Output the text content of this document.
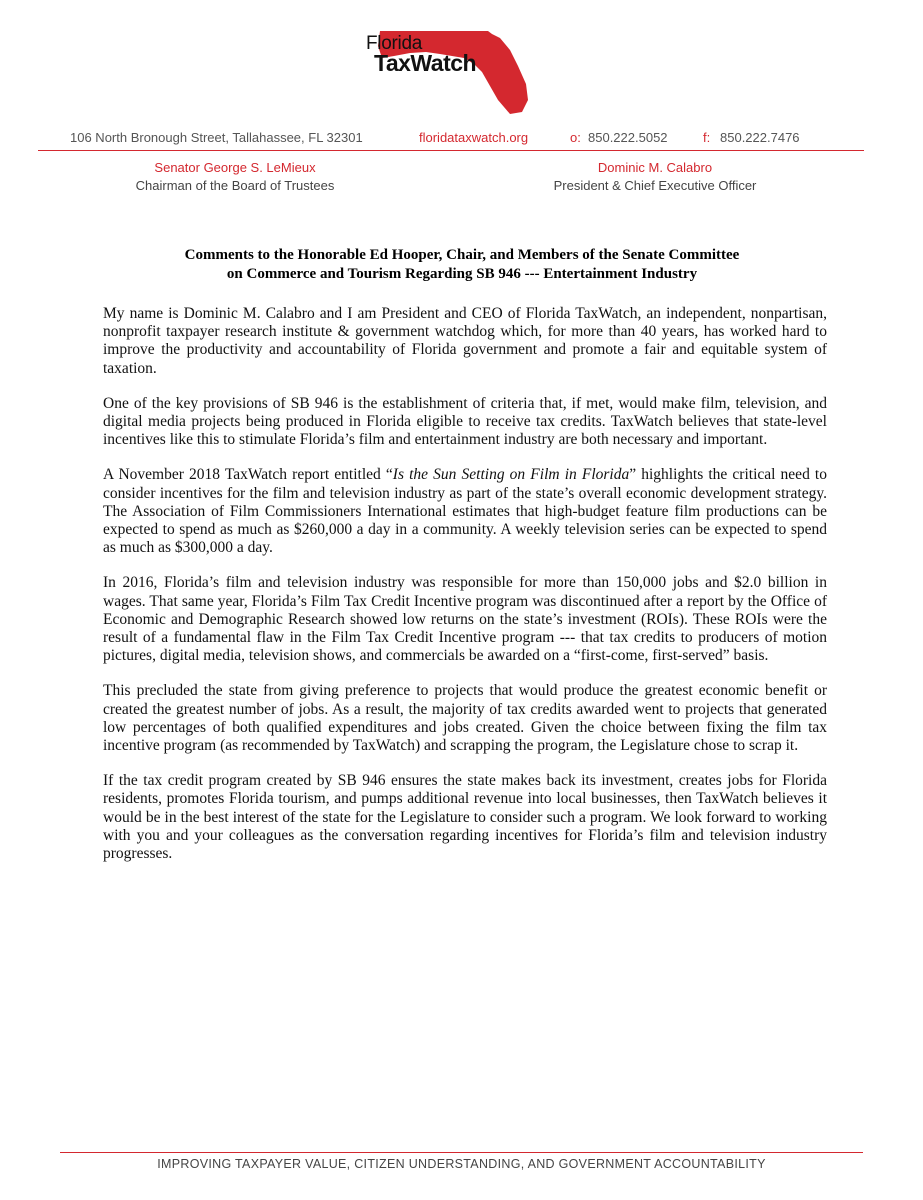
Florida
TaxWatch
106 North Bronough Street, Tallahassee, FL 32301	floridataxwatch.org	o: 850.222.5052	f: 850.222.7476
Senator George S. LeMieux
Chairman of the Board of Trustees
Dominic M. Calabro
President & Chief Executive Officer
Comments to the Honorable Ed Hooper, Chair, and Members of the Senate Committee
on Commerce and Tourism Regarding SB 946 --- Entertainment Industry

My name is Dominic M. Calabro and I am President and CEO of Florida TaxWatch, an independent, nonpartisan, nonprofit taxpayer research institute & government watchdog which, for more than 40 years, has worked hard to improve the productivity and accountability of Florida government and promote a fair and equitable system of taxation.

One of the key provisions of SB 946 is the establishment of criteria that, if met, would make film, television, and digital media projects being produced in Florida eligible to receive tax credits. TaxWatch believes that state-level incentives like this to stimulate Florida’s film and entertainment industry are both necessary and important.

A November 2018 TaxWatch report entitled “Is the Sun Setting on Film in Florida” highlights the critical need to consider incentives for the film and television industry as part of the state’s overall economic development strategy. The Association of Film Commissioners International estimates that high-budget feature film productions can be expected to spend as much as $260,000 a day in a community. A weekly television series can be expected to spend as much as $300,000 a day.

In 2016, Florida’s film and television industry was responsible for more than 150,000 jobs and $2.0 billion in wages. That same year, Florida’s Film Tax Credit Incentive program was discontinued after a report by the Office of Economic and Demographic Research showed low returns on the state’s investment (ROIs). These ROIs were the result of a fundamental flaw in the Film Tax Credit Incentive program --- that tax credits to producers of motion pictures, digital media, television shows, and commercials be awarded on a “first-come, first-served” basis.

This precluded the state from giving preference to projects that would produce the greatest economic benefit or created the greatest number of jobs. As a result, the majority of tax credits awarded went to projects that generated low percentages of both qualified expenditures and jobs created. Given the choice between fixing the film tax incentive program (as recommended by TaxWatch) and scrapping the program, the Legislature chose to scrap it.

If the tax credit program created by SB 946 ensures the state makes back its investment, creates jobs for Florida residents, promotes Florida tourism, and pumps additional revenue into local businesses, then TaxWatch believes it would be in the best interest of the state for the Legislature to consider such a program. We look forward to working with you and your colleagues as the conversation regarding incentives for Florida’s film and television industry progresses.

IMPROVING TAXPAYER VALUE, CITIZEN UNDERSTANDING, AND GOVERNMENT ACCOUNTABILITY
